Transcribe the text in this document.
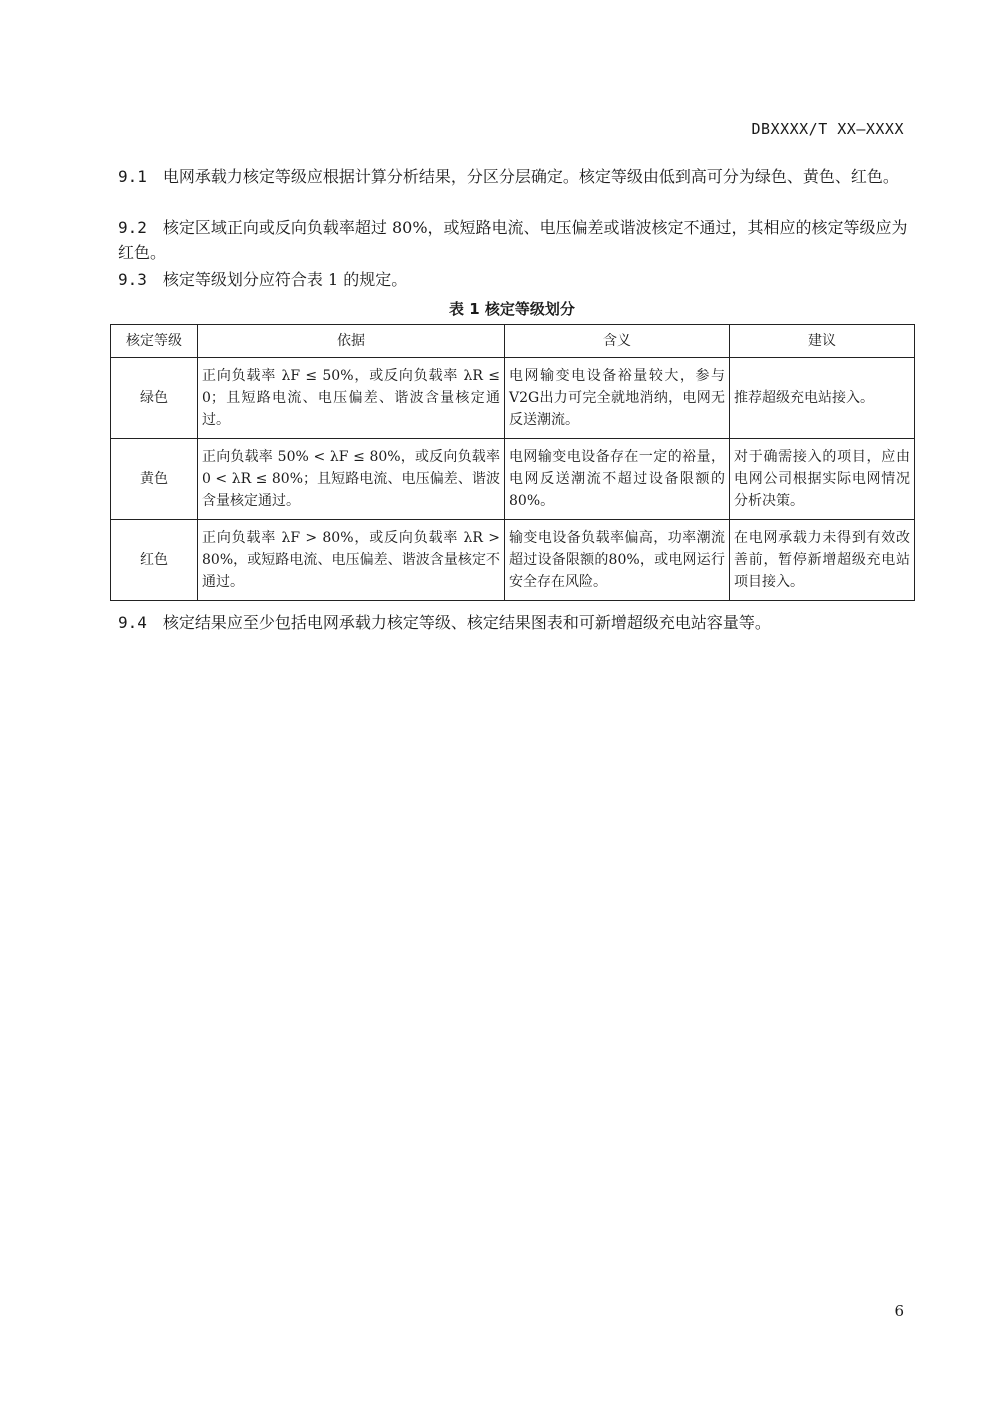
DBXXXX/T XX—XXXX
9.1 电网承载力核定等级应根据计算分析结果，分区分层确定。核定等级由低到高可分为绿色、黄色、红色。
9.2 核定区域正向或反向负载率超过 80%，或短路电流、电压偏差或谐波核定不通过，其相应的核定等级应为红色。
9.3 核定等级划分应符合表 1 的规定。
表 1 核定等级划分
核定等级	依据	含义	建议
绿色	正向负载率 λF ≤ 50%，或反向负载率 λR ≤ 0；且短路电流、电压偏差、谐波含量核定通过。	电网输变电设备裕量较大，参与V2G出力可完全就地消纳，电网无反送潮流。	推荐超级充电站接入。
黄色	正向负载率 50% < λF ≤ 80%，或反向负载率 0 < λR ≤ 80%；且短路电流、电压偏差、谐波含量核定通过。	电网输变电设备存在一定的裕量，电网反送潮流不超过设备限额的80%。	对于确需接入的项目，应由电网公司根据实际电网情况分析决策。
红色	正向负载率 λF > 80%，或反向负载率 λR > 80%，或短路电流、电压偏差、谐波含量核定不通过。	输变电设备负载率偏高，功率潮流超过设备限额的80%，或电网运行安全存在风险。	在电网承载力未得到有效改善前，暂停新增超级充电站项目接入。
9.4 核定结果应至少包括电网承载力核定等级、核定结果图表和可新增超级充电站容量等。
6
